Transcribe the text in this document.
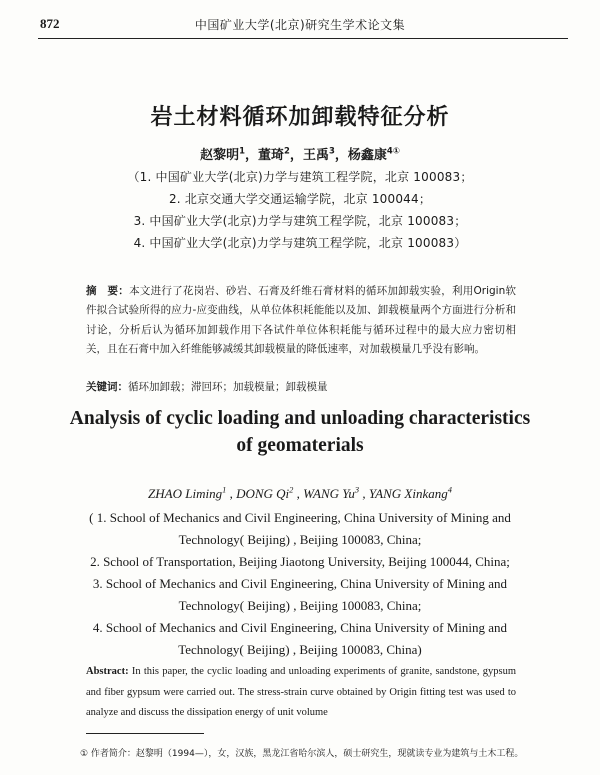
872	中国矿业大学(北京)研究生学术论文集
岩土材料循环加卸载特征分析
赵黎明$^1$，董琦$^2$，王禹$^3$，杨鑫康$^{4①}$
（1. 中国矿业大学(北京)力学与建筑工程学院，北京 100083；
2. 北京交通大学交通运输学院，北京 100044；
3. 中国矿业大学(北京)力学与建筑工程学院，北京 100083；
4. 中国矿业大学(北京)力学与建筑工程学院，北京 100083）
摘　要：本文进行了花岗岩、砂岩、石膏及纤维石膏材料的循环加卸载实验，利用Origin软件拟合试验所得的应力-应变曲线，从单位体积耗能能以及加、卸载模量两个方面进行分析和讨论，分析后认为循环加卸载作用下各试件单位体积耗能与循环过程中的最大应力密切相关，且在石膏中加入纤维能够减缓其卸载模量的降低速率，对加载模量几乎没有影响。
关键词：循环加卸载；滞回环；加载模量；卸载模量
Analysis of cyclic loading and unloading characteristics
of geomaterials
ZHAO Liming$^1$ , DONG Qi$^2$ , WANG Yu$^3$ , YANG Xinkang$^4$
( 1. School of Mechanics and Civil Engineering, China University of Mining and
Technology( Beijing) , Beijing 100083, China;
2. School of Transportation, Beijing Jiaotong University, Beijing 100044, China;
3. School of Mechanics and Civil Engineering, China University of Mining and
Technology( Beijing) , Beijing 100083, China;
4. School of Mechanics and Civil Engineering, China University of Mining and
Technology( Beijing) , Beijing 100083, China)
Abstract: In this paper, the cyclic loading and unloading experiments of granite, sandstone, gypsum and fiber gypsum were carried out. The stress-strain curve obtained by Origin fitting test was used to analyze and discuss the dissipation energy of unit volume
① 作者简介：赵黎明（1994—），女，汉族，黑龙江省哈尔滨人，硕士研究生，现就读专业为建筑与土木工程。
